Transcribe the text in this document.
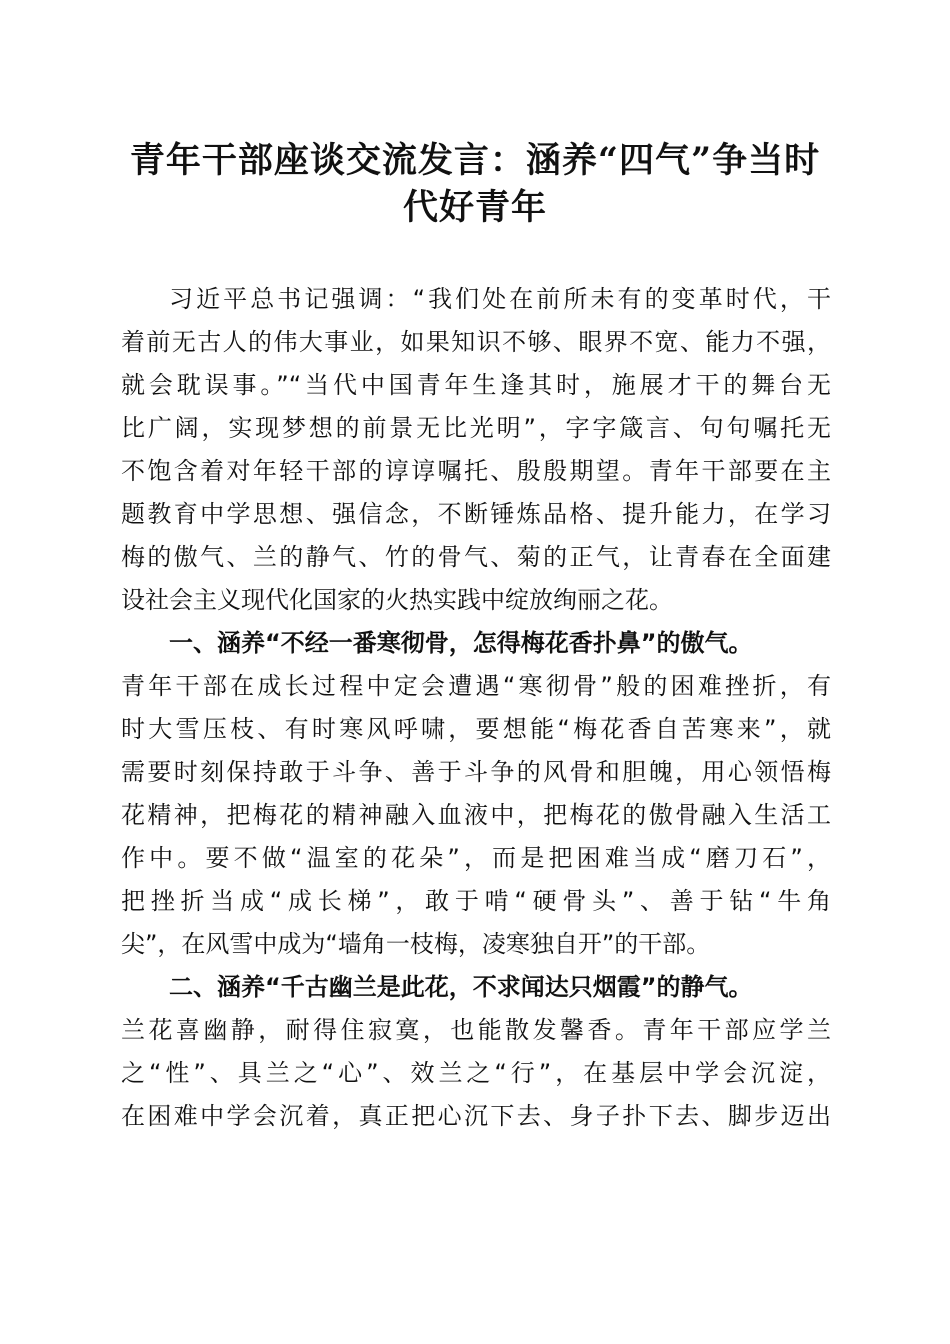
青年干部座谈交流发言：涵养“四气”争当时
代好青年

习近平总书记强调：“我们处在前所未有的变革时代，干

着前无古人的伟大事业，如果知识不够、眼界不宽、能力不强，

就会耽误事。”“当代中国青年生逢其时，施展才干的舞台无

比广阔，实现梦想的前景无比光明”，字字箴言、句句嘱托无

不饱含着对年轻干部的谆谆嘱托、殷殷期望。青年干部要在主

题教育中学思想、强信念，不断锤炼品格、提升能力，在学习

梅的傲气、兰的静气、竹的骨气、菊的正气，让青春在全面建

设社会主义现代化国家的火热实践中绽放绚丽之花。

一、涵养“不经一番寒彻骨，怎得梅花香扑鼻”的傲气。

青年干部在成长过程中定会遭遇“寒彻骨”般的困难挫折，有

时大雪压枝、有时寒风呼啸，要想能“梅花香自苦寒来”，就

需要时刻保持敢于斗争、善于斗争的风骨和胆魄，用心领悟梅

花精神，把梅花的精神融入血液中，把梅花的傲骨融入生活工

作中。要不做“温室的花朵”，而是把困难当成“磨刀石”，

把挫折当成“成长梯”，敢于啃“硬骨头”、善于钻“牛角

尖”，在风雪中成为“墙角一枝梅，凌寒独自开”的干部。

二、涵养“千古幽兰是此花，不求闻达只烟霞”的静气。

兰花喜幽静，耐得住寂寞，也能散发馨香。青年干部应学兰

之“性”、具兰之“心”、效兰之“行”，在基层中学会沉淀，

在困难中学会沉着，真正把心沉下去、身子扑下去、脚步迈出
